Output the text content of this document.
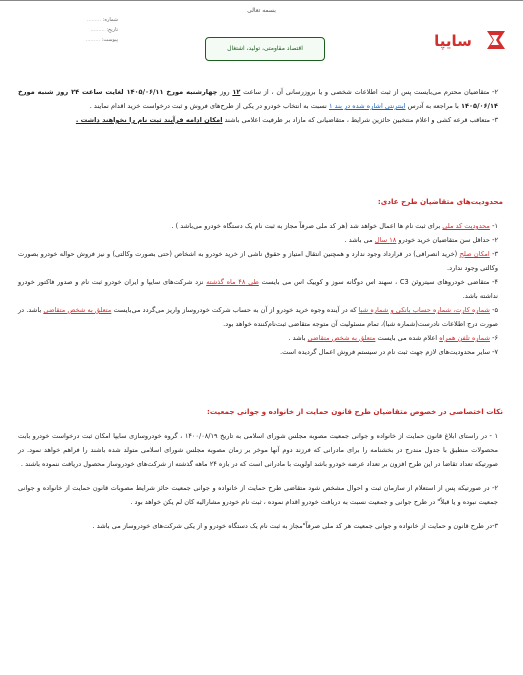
بسمه تعالی
شماره: .........
تاریخ: .........
پیوست: .........
اقتصاد مقاومتی، تولید، اشتغال	سایپا

۲- متقاضیان محترم می‌بایست پس از ثبت اطلاعات شخصی و یا بروزرسانی آن ، از ساعت ۱۲ روز چهارشنبه مورخ ۱۴۰۵/۰۶/۱۱ لغایت ساعت ۲۴ روز شنبه مورخ ۱۴۰۵/۰۶/۱۴ با مراجعه به آدرس اینترنتی اشاره شده در بند ۱ نسبت به انتخاب خودرو در یکی از طرح‌های فروش و ثبت درخواست خرید اقدام نمایند .

۳- متعاقب قرعه کشی و اعلام منتخبین حائزین شرایط ، متقاضیانی که مازاد بر ظرفیت اعلامی باشند امکان ادامه فرآیند ثبت نام را نخواهند داشت .

محدودیت‌های متقاضیان طرح عادی:

۱- محدودیت کد ملی برای ثبت نام ها اعمال خواهد شد (هر کد ملی صرفاً مجاز به ثبت نام یک دستگاه خودرو می‌باشد ) .

۲- حداقل سن متقاضیان خرید خودرو ۱۸ سال می باشد .

۳- امکان صلح (خرید انصرافی) در قرارداد وجود ندارد و همچنین انتقال امتیاز و حقوق ناشی از خرید خودرو به اشخاص (حتی بصورت وکالتی) و نیز فروش حواله خودرو بصورت وکالتی وجود ندارد.

۴- متقاضی خودروهای سیتروئن C3 ، سهند اس دوگانه سوز و کوییک اس می بایست طی ۴۸ ماه گذشته نزد شرکت‌های سایپا و ایران خودرو ثبت نام و صدور فاکتور خودرو نداشته باشد.

۵- شماره کارت، شماره حساب بانکی و شماره شبا که در آینده وجوه خرید خودرو از آن به حساب شرکت خودروساز واریز می‌گردد می‌بایست متعلق به شخص متقاضی باشد. در صورت درج اطلاعات نادرست(شماره شبا)، تمام مسئولیت آن متوجه متقاضی ثبت‌نام‌کننده خواهد بود.

۶- شماره تلفن همراه اعلام شده می بایست متعلق به شخص متقاضی باشد .

۷- سایر محدودیت‌های لازم جهت ثبت نام در سیستم فروش اعمال گردیده است.

نکات اختصاصی در خصوص متقاضیان طرح قانون حمایت از خانواده و جوانی جمعیت:

۱ - در راستای ابلاغ قانون حمایت از خانواده و جوانی جمعیت مصوبه مجلس شورای اسلامی به تاریخ ۱۴۰۰/۰۸/۱۹ ، گروه خودروسازی سایپا امکان ثبت درخواست خودرو بابت محصولات منطبق با جدول مندرج در بخشنامه را برای مادرانی که فرزند دوم آنها موخر بر زمان مصوبه مجلس شورای اسلامی متولد شده باشند را فراهم خواهد نمود. در صورتیکه تعداد تقاضا در این طرح افزون بر تعداد عرضه خودرو باشد اولویت با مادرانی است که در بازه ۲۴ ماهه گذشته از شرکت‌های خودروساز محصول دریافت ننموده باشند .

۲- در صورتیکه پس از استعلام از سازمان ثبت و احوال مشخص شود متقاضی طرح حمایت از خانواده و جوانی جمعیت حائز شرایط مصوبات قانون حمایت از خانواده و جوانی جمعیت نبوده و یا قبلاً" در طرح جوانی و جمعیت نسبت به دریافت خودرو اقدام نموده ، ثبت نام خودرو مشارالیه کان لم یکن خواهد بود .

۳-در طرح قانون و حمایت از خانواده و جوانی جمعیت هر کد ملی صرفاً"مجاز به ثبت نام یک دستگاه خودرو و از یکی شرکت‌های خودروساز می باشد .
